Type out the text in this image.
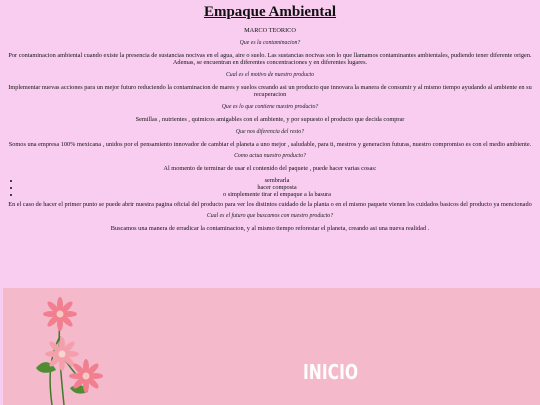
Empaque Ambiental

MARCO TEORICO

Que es la contaminacion?

Por contaminacion ambiental cuando existe la presencia de sustancias nocivas en el agua, aire o suelo. Las sustancias nocivas son lo que llamamos contaminantes ambientales, pudiendo tener diferente origen. Ademas, se encuentran en diferentes concentraciones y en diferentes lugares.

Cual es el motivo de nuestro producto

Implementar nuevas acciones para un mejor futuro reduciendo la contaminacion de mares y suelos creando asi un producto que innovara la manera de consumir y al mismo tiempo ayudando al ambiente en su recuperacion

Que es lo que contiene nuestro producto?

Semillas , nutrientes , quimicos amigables con el ambiente, y por supuesto el producto que decida comprar

Que nos diferencia del resto?

Somos una empresa 100% mexicana , unidos por el pensamiento innovador de cambiar el planeta a uno mejor , saludable, para ti, mestros y generacion futuras, nuestro compromiso es con el medio ambiente.

Como actua nuestro producto?

Al momento de terminar de usar el contenido del paquete , puede hacer varias cosas:

• sembrarla
• hacer composta
• o simplemente tirar el empaque a la basura

En el caso de hacer el primer punto se puede abrir nuestra pagina oficial del producto para ver los distintos cuidado de la planta o en el mismo paquete vienen los cuidados basicos del producto ya mencionado

Cual es el futuro que buscamos con nuestro producto?

Buscamos una manera de erradicar la contaminacion, y al mismo tiempo reforestar el planeta, creando asi una nueva realidad .

INICIO
